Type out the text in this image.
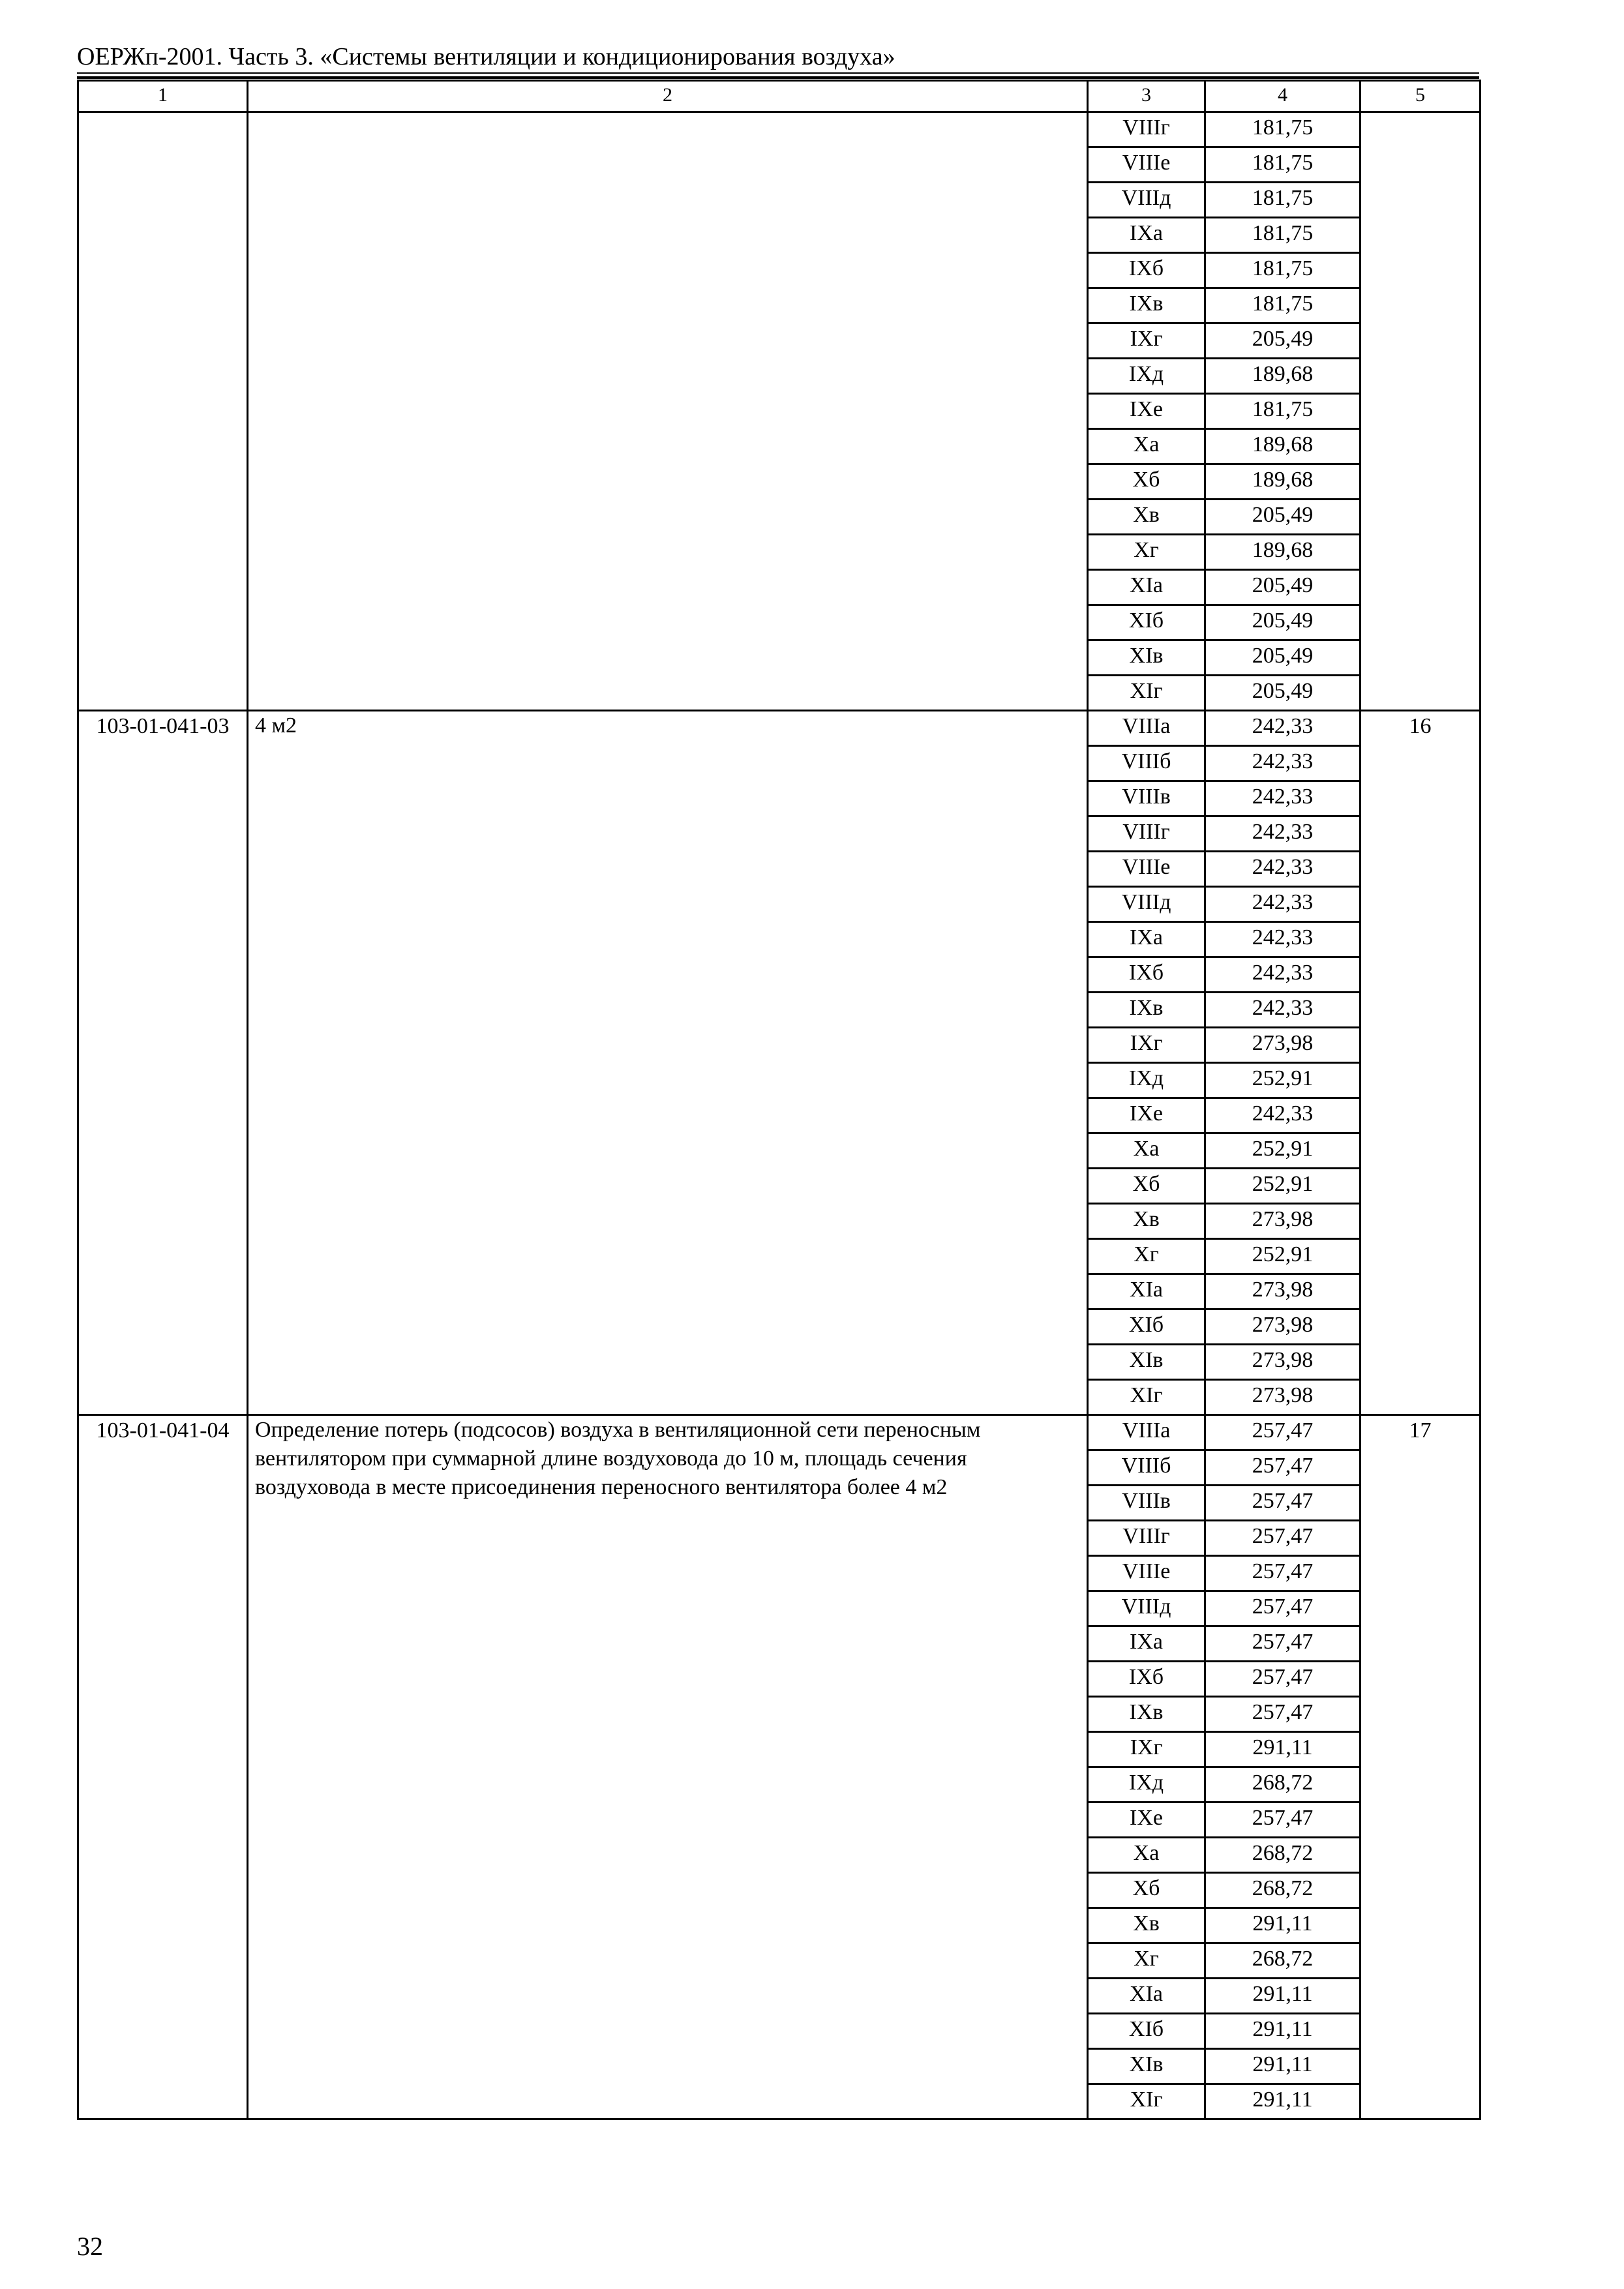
ОЕРЖп-2001. Часть 3. «Системы вентиляции и кондиционирования воздуха»
1	2	3	4	5
		VIIIг	181,75	
		VIIIе	181,75	
		VIIIд	181,75	
		IXа	181,75	
		IXб	181,75	
		IXв	181,75	
		IXг	205,49	
		IXд	189,68	
		IXе	181,75	
		Xа	189,68	
		Xб	189,68	
		Xв	205,49	
		Xг	189,68	
		XIа	205,49	
		XIб	205,49	
		XIв	205,49	
		XIг	205,49	
103-01-041-03	4 м2	VIIIа	242,33	16
		VIIIб	242,33	
		VIIIв	242,33	
		VIIIг	242,33	
		VIIIе	242,33	
		VIIIд	242,33	
		IXа	242,33	
		IXб	242,33	
		IXв	242,33	
		IXг	273,98	
		IXд	252,91	
		IXе	242,33	
		Xа	252,91	
		Xб	252,91	
		Xв	273,98	
		Xг	252,91	
		XIа	273,98	
		XIб	273,98	
		XIв	273,98	
		XIг	273,98	
103-01-041-04	Определение потерь (подсосов) воздуха в вентиляционной сети переносным вентилятором при суммарной длине воздуховода до 10 м, площадь сечения воздуховода в месте присоединения переносного вентилятора более 4 м2	VIIIа	257,47	17
		VIIIб	257,47	
		VIIIв	257,47	
		VIIIг	257,47	
		VIIIе	257,47	
		VIIIд	257,47	
		IXа	257,47	
		IXб	257,47	
		IXв	257,47	
		IXг	291,11	
		IXд	268,72	
		IXе	257,47	
		Xа	268,72	
		Xб	268,72	
		Xв	291,11	
		Xг	268,72	
		XIа	291,11	
		XIб	291,11	
		XIв	291,11	
		XIг	291,11	
32
